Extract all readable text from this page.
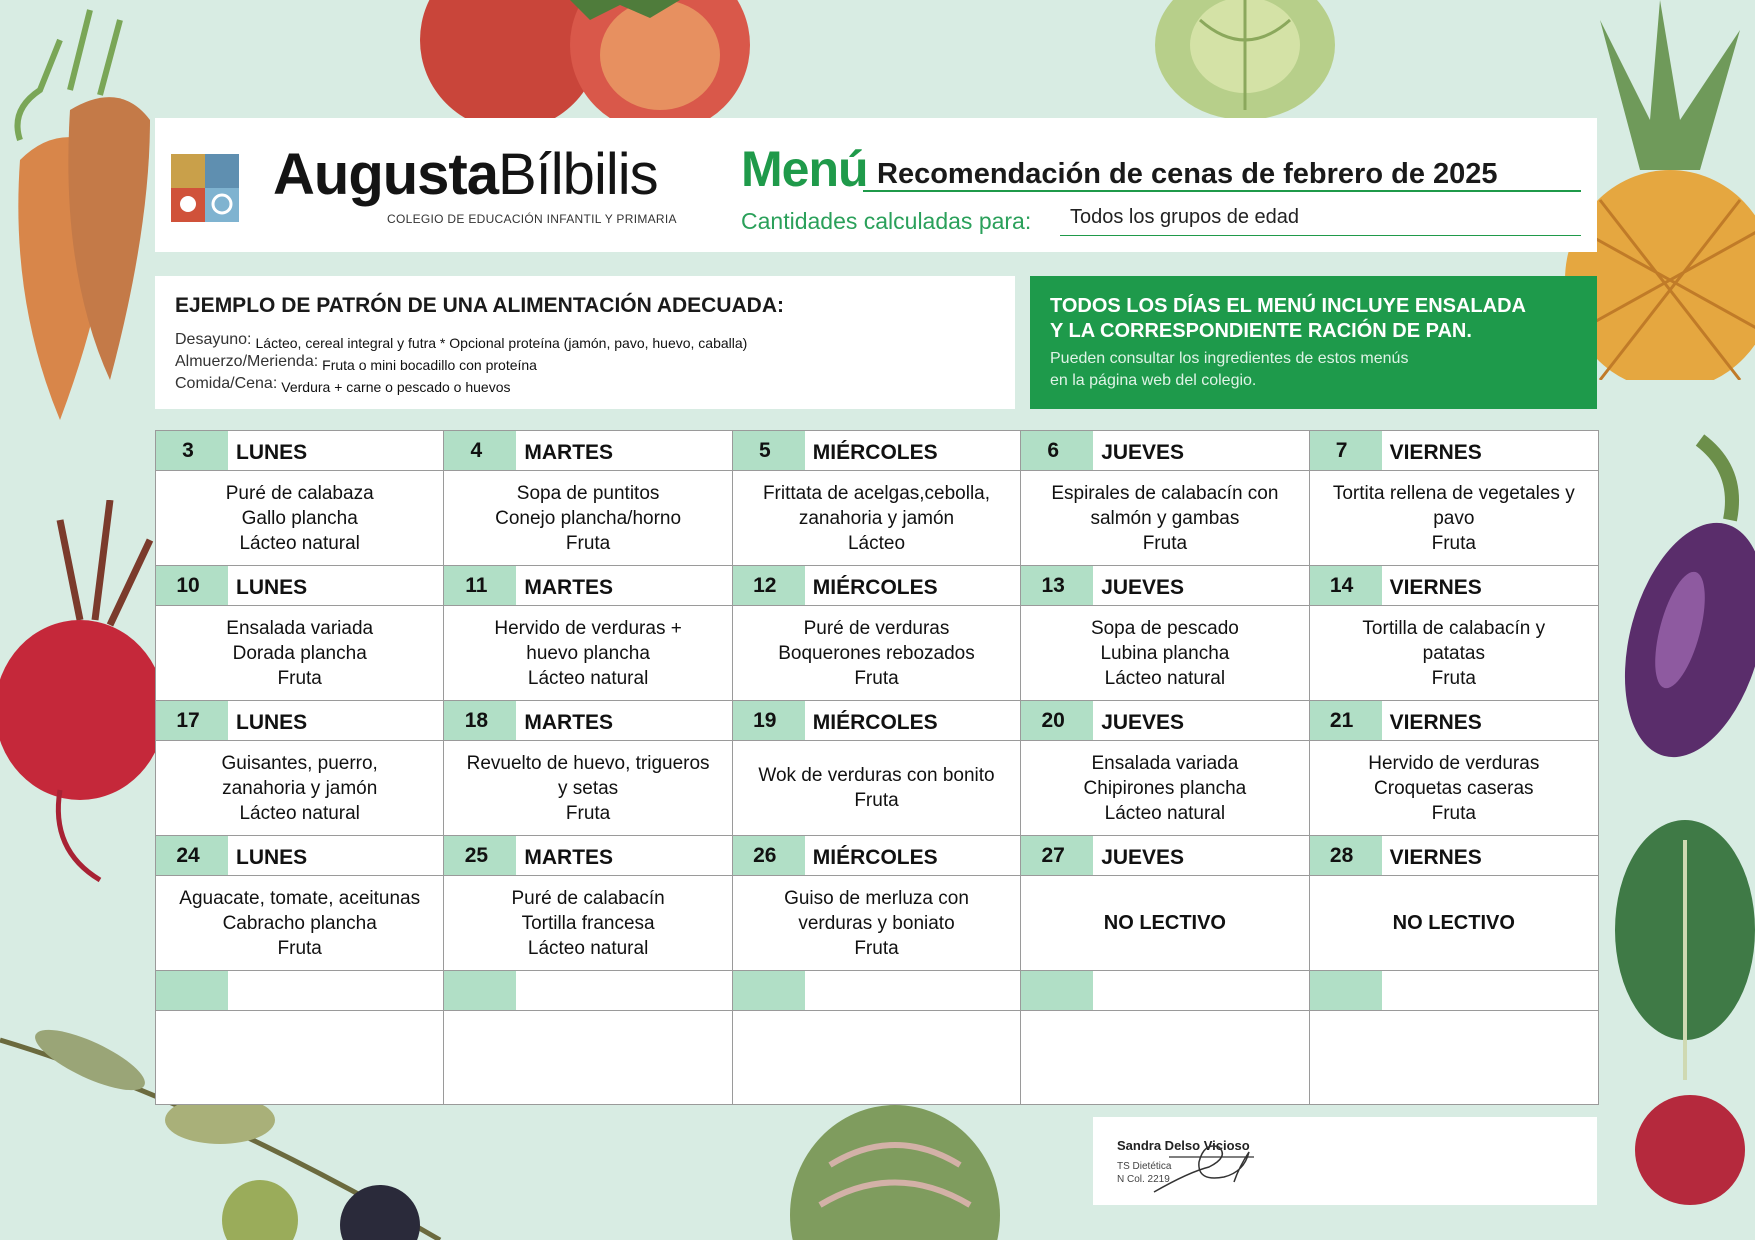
AugustaBílbilis
COLEGIO DE EDUCACIÓN INFANTIL Y PRIMARIA
Menú Recomendación de cenas de febrero de 2025
Cantidades calculadas para:	Todos los grupos de edad
EJEMPLO DE PATRÓN DE UNA ALIMENTACIÓN ADECUADA:
Desayuno: Lácteo, cereal integral y futra * Opcional proteína (jamón, pavo, huevo, caballa)
Almuerzo/Merienda: Fruta o mini bocadillo con proteína
Comida/Cena: Verdura + carne o pescado o huevos
TODOS LOS DÍAS EL MENÚ INCLUYE ENSALADA
Y LA CORRESPONDIENTE RACIÓN DE PAN.
Pueden consultar los ingredientes de estos menús
en la página web del colegio.
3	LUNES
Puré de calabaza
Gallo plancha
Lácteo natural
4	MARTES
Sopa de puntitos
Conejo plancha/horno
Fruta
5	MIÉRCOLES
Frittata de acelgas,cebolla,
zanahoria y jamón
Lácteo
6	JUEVES
Espirales de calabacín con
salmón y gambas
Fruta
7	VIERNES
Tortita rellena de vegetales y
pavo
Fruta
10	LUNES
Ensalada variada
Dorada plancha
Fruta
11	MARTES
Hervido de verduras +
huevo plancha
Lácteo natural
12	MIÉRCOLES
Puré de verduras
Boquerones rebozados
Fruta
13	JUEVES
Sopa de pescado
Lubina plancha
Lácteo natural
14	VIERNES
Tortilla de calabacín y
patatas
Fruta
17	LUNES
Guisantes, puerro,
zanahoria y jamón
Lácteo natural
18	MARTES
Revuelto de huevo, trigueros
y setas
Fruta
19	MIÉRCOLES
Wok de verduras con bonito
Fruta
20	JUEVES
Ensalada variada
Chipirones plancha
Lácteo natural
21	VIERNES
Hervido de verduras
Croquetas caseras
Fruta
24	LUNES
Aguacate, tomate, aceitunas
Cabracho plancha
Fruta
25	MARTES
Puré de calabacín
Tortilla francesa
Lácteo natural
26	MIÉRCOLES
Guiso de merluza con
verduras y boniato
Fruta
27	JUEVES
NO LECTIVO
28	VIERNES
NO LECTIVO
Sandra Delso Vicioso
TS Dietética
N Col. 2219
